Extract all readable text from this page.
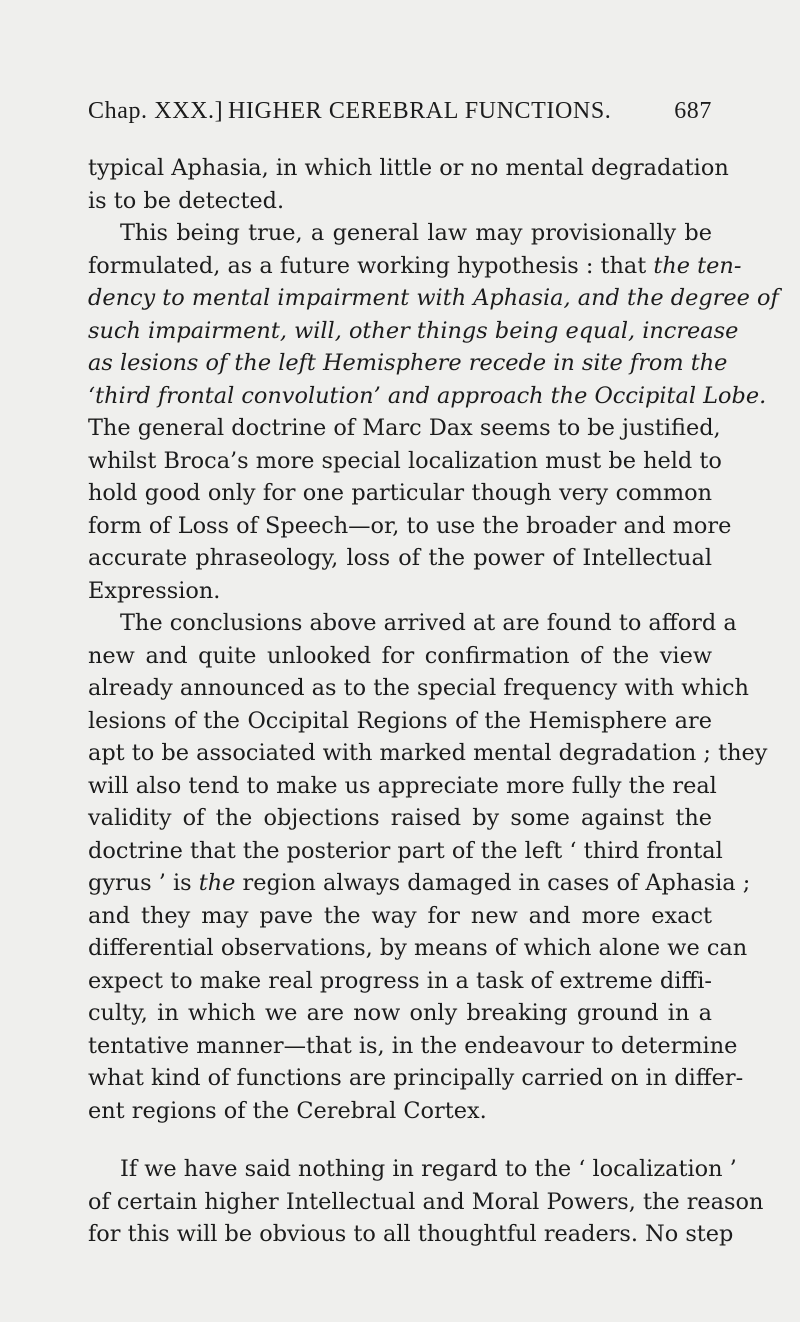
Chap. XXX.] HIGHER CEREBRAL FUNCTIONS.	687
typical Aphasia, in which little or no mental degradation
is to be detected.
This being true, a general law may provisionally be
formulated, as a future working hypothesis : that the ten-
dency to mental impairment with Aphasia, and the degree of
such impairment, will, other things being equal, increase
as lesions of the left Hemisphere recede in site from the
‘third frontal convolution’ and approach the Occipital Lobe.
The general doctrine of Marc Dax seems to be justified,
whilst Broca’s more special localization must be held to
hold good only for one particular though very common
form of Loss of Speech—or, to use the broader and more
accurate phraseology, loss of the power of Intellectual
Expression.
The conclusions above arrived at are found to afford a
new and quite unlooked for confirmation of the view
already announced as to the special frequency with which
lesions of the Occipital Regions of the Hemisphere are
apt to be associated with marked mental degradation ; they
will also tend to make us appreciate more fully the real
validity of the objections raised by some against the
doctrine that the posterior part of the left ‘ third frontal
gyrus ’ is the region always damaged in cases of Aphasia ;
and they may pave the way for new and more exact
differential observations, by means of which alone we can
expect to make real progress in a task of extreme diffi-
culty, in which we are now only breaking ground in a
tentative manner—that is, in the endeavour to determine
what kind of functions are principally carried on in differ-
ent regions of the Cerebral Cortex.
If we have said nothing in regard to the ‘ localization ’
of certain higher Intellectual and Moral Powers, the reason
for this will be obvious to all thoughtful readers. No step
